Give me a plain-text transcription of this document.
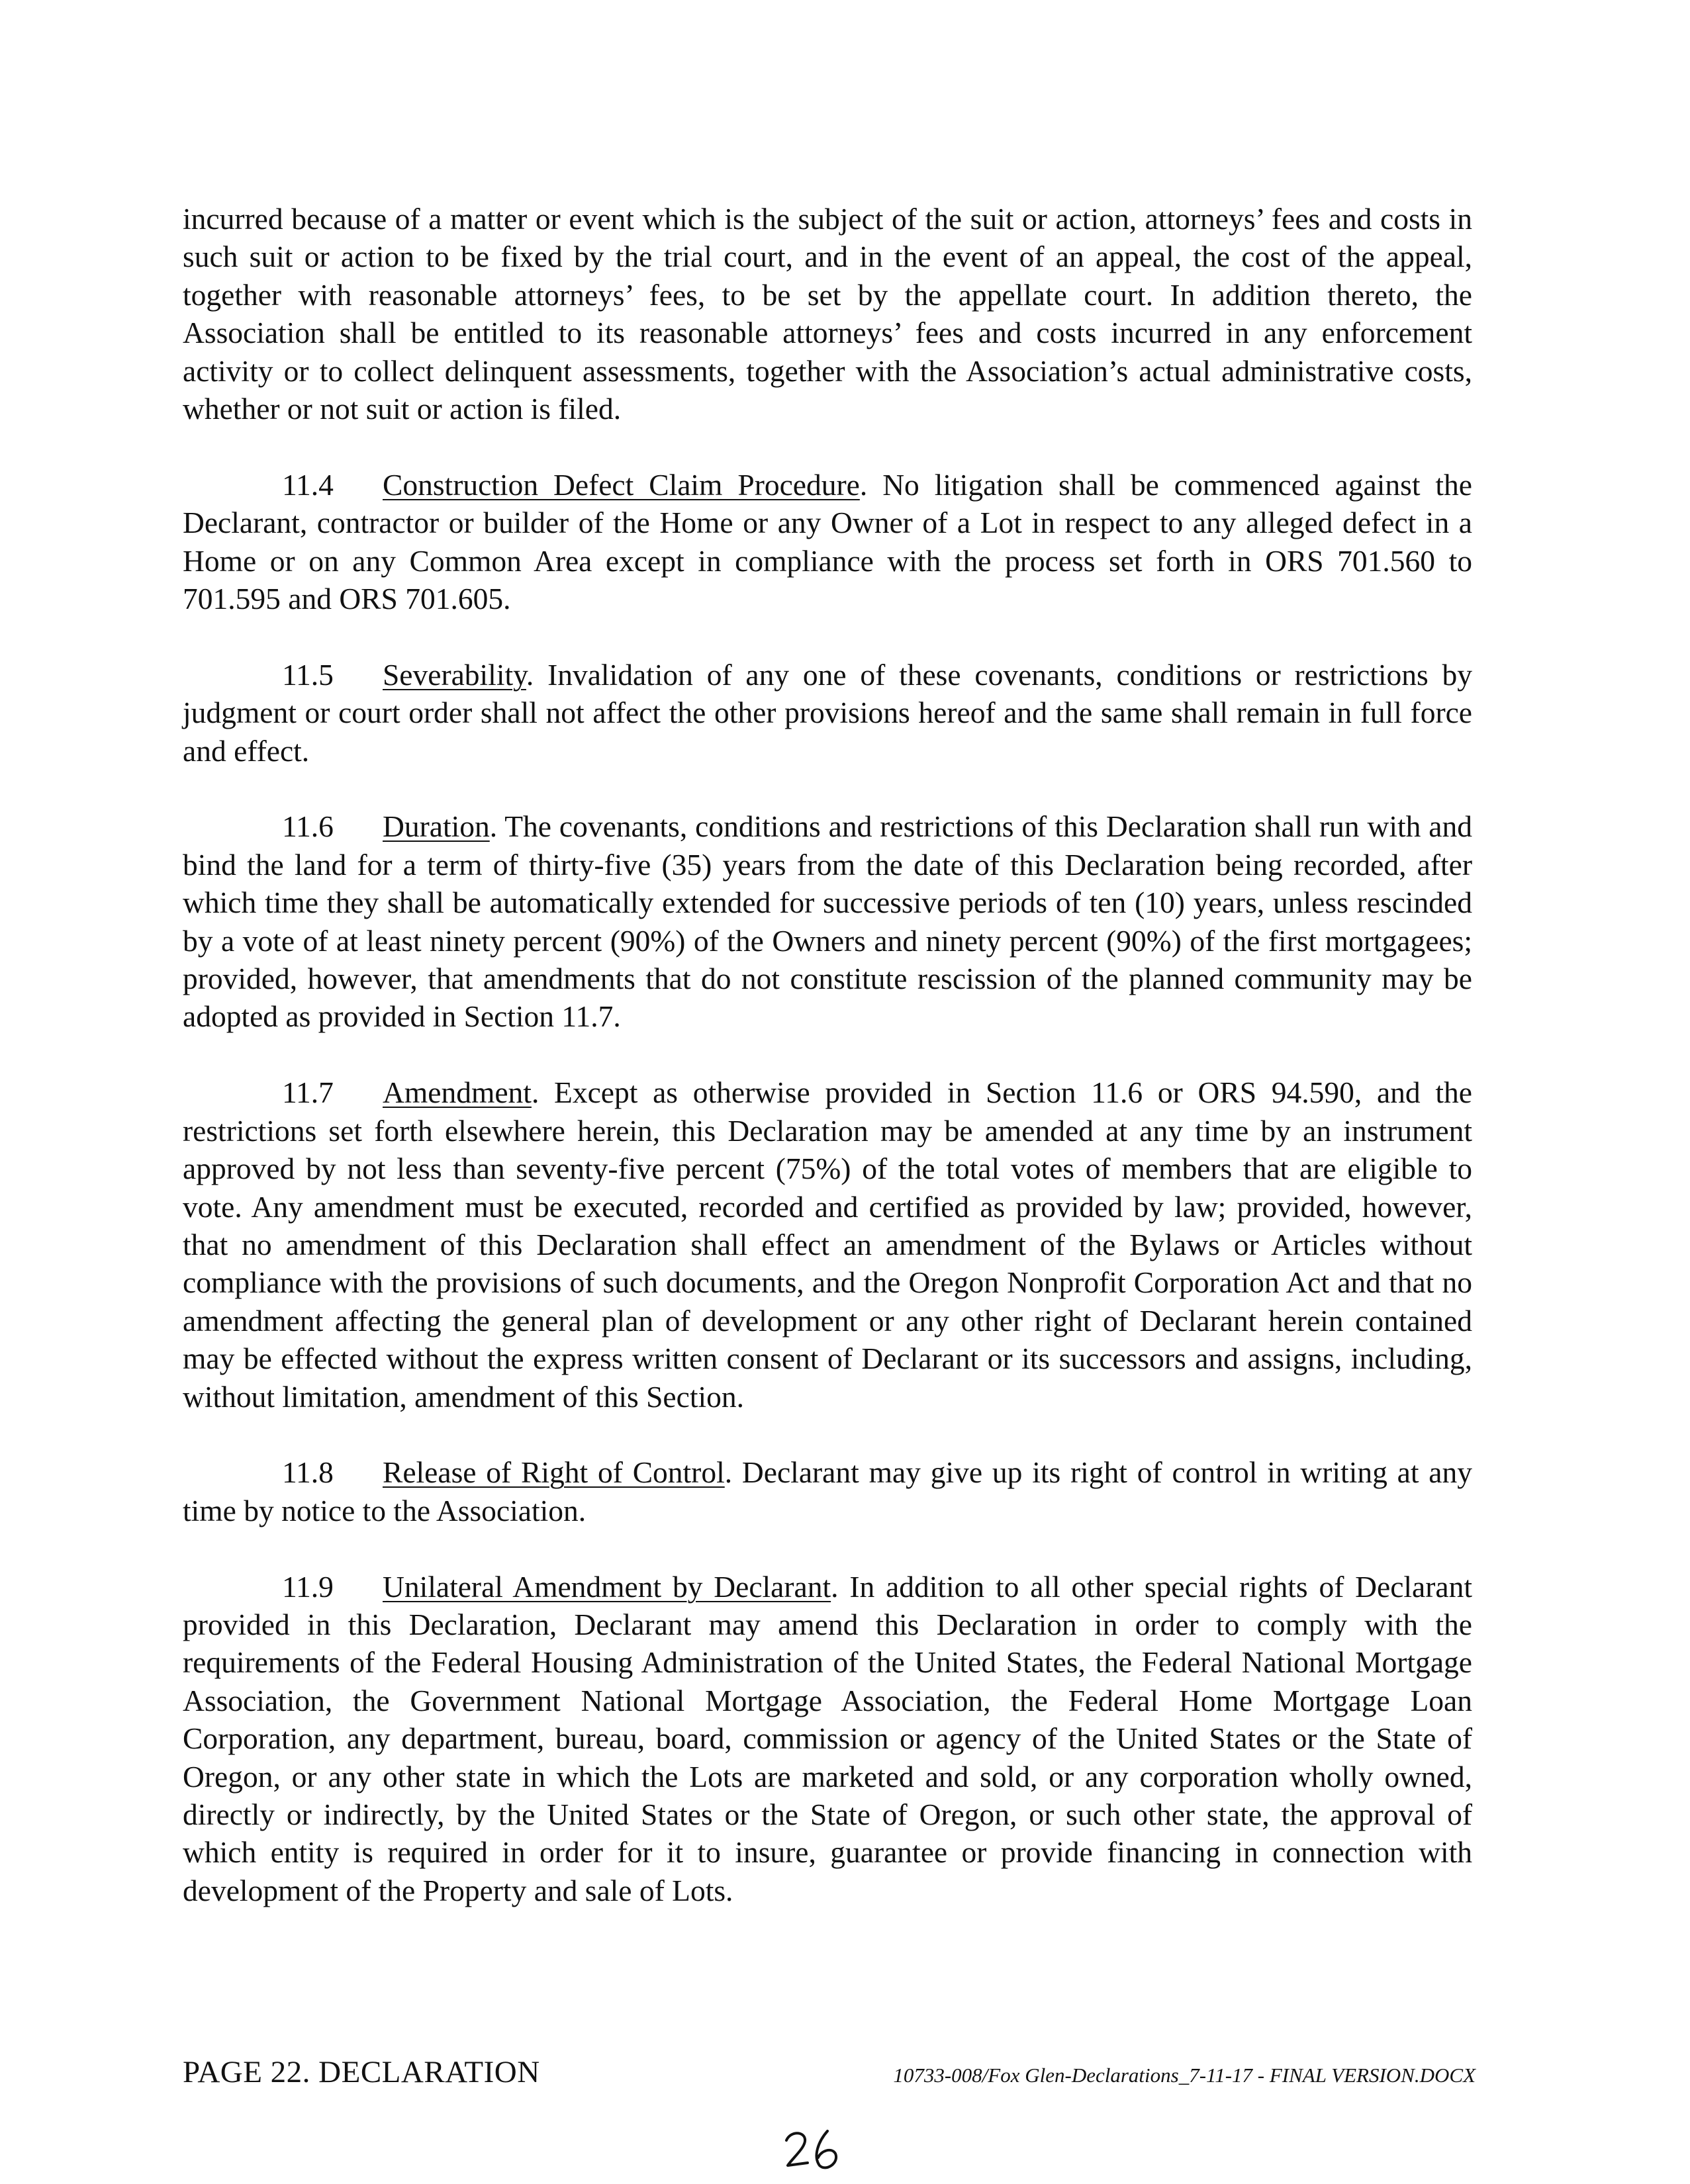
incurred because of a matter or event which is the subject of the suit or action, attorneys’ fees and costs in such suit or action to be fixed by the trial court, and in the event of an appeal, the cost of the appeal, together with reasonable attorneys’ fees, to be set by the appellate court. In addition thereto, the Association shall be entitled to its reasonable attorneys’ fees and costs incurred in any enforcement activity or to collect delinquent assessments, together with the Association’s actual administrative costs, whether or not suit or action is filed.

11.4 Construction Defect Claim Procedure. No litigation shall be commenced against the Declarant, contractor or builder of the Home or any Owner of a Lot in respect to any alleged defect in a Home or on any Common Area except in compliance with the process set forth in ORS 701.560 to 701.595 and ORS 701.605.

11.5 Severability. Invalidation of any one of these covenants, conditions or restrictions by judgment or court order shall not affect the other provisions hereof and the same shall remain in full force and effect.

11.6 Duration. The covenants, conditions and restrictions of this Declaration shall run with and bind the land for a term of thirty-five (35) years from the date of this Declaration being recorded, after which time they shall be automatically extended for successive periods of ten (10) years, unless rescinded by a vote of at least ninety percent (90%) of the Owners and ninety percent (90%) of the first mortgagees; provided, however, that amendments that do not constitute rescission of the planned community may be adopted as provided in Section 11.7.

11.7 Amendment. Except as otherwise provided in Section 11.6 or ORS 94.590, and the restrictions set forth elsewhere herein, this Declaration may be amended at any time by an instrument approved by not less than seventy-five percent (75%) of the total votes of members that are eligible to vote. Any amendment must be executed, recorded and certified as provided by law; provided, however, that no amendment of this Declaration shall effect an amendment of the Bylaws or Articles without compliance with the provisions of such documents, and the Oregon Nonprofit Corporation Act and that no amendment affecting the general plan of development or any other right of Declarant herein contained may be effected without the express written consent of Declarant or its successors and assigns, including, without limitation, amendment of this Section.

11.8 Release of Right of Control. Declarant may give up its right of control in writing at any time by notice to the Association.

11.9 Unilateral Amendment by Declarant. In addition to all other special rights of Declarant provided in this Declaration, Declarant may amend this Declaration in order to comply with the requirements of the Federal Housing Administration of the United States, the Federal National Mortgage Association, the Government National Mortgage Association, the Federal Home Mortgage Loan Corporation, any department, bureau, board, commission or agency of the United States or the State of Oregon, or any other state in which the Lots are marketed and sold, or any corporation wholly owned, directly or indirectly, by the United States or the State of Oregon, or such other state, the approval of which entity is required in order for it to insure, guarantee or provide financing in connection with development of the Property and sale of Lots.

PAGE 22. DECLARATION	10733-008/Fox Glen-Declarations_7-11-17 - FINAL VERSION.DOCX
